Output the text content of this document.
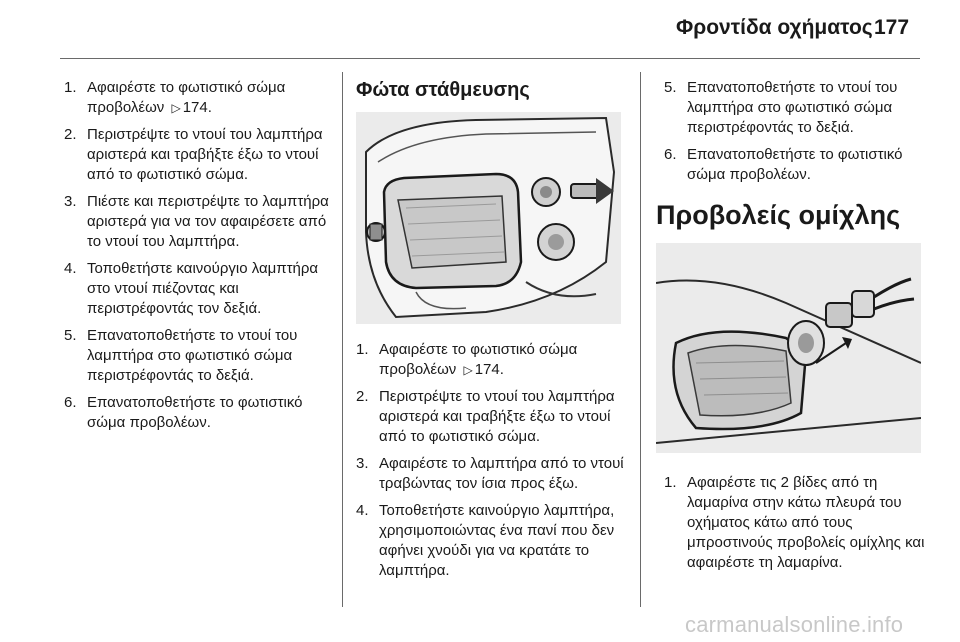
Φροντίδα οχήματος 177
1. Αφαιρέστε το φωτιστικό σώμα προβολέων ▷ 174.
2. Περιστρέψτε το ντουί του λαμπτήρα αριστερά και τραβήξτε έξω το ντουί από το φωτιστικό σώμα.
3. Πιέστε και περιστρέψτε το λαμπτήρα αριστερά για να τον αφαιρέσετε από το ντουί του λαμπτήρα.
4. Τοποθετήστε καινούργιο λαμπτήρα στο ντουί πιέζοντας και περιστρέφοντάς τον δεξιά.
5. Επανατοποθετήστε το ντουί του λαμπτήρα στο φωτιστικό σώμα περιστρέφοντάς το δεξιά.
6. Επανατοποθετήστε το φωτιστικό σώμα προβολέων.
Φώτα στάθμευσης
1. Αφαιρέστε το φωτιστικό σώμα προβολέων ▷ 174.
2. Περιστρέψτε το ντουί του λαμπτήρα αριστερά και τραβήξτε έξω το ντουί από το φωτιστικό σώμα.
3. Αφαιρέστε το λαμπτήρα από το ντουί τραβώντας τον ίσια προς έξω.
4. Τοποθετήστε καινούργιο λαμπτήρα, χρησιμοποιώντας ένα πανί που δεν αφήνει χνούδι για να κρατάτε το λαμπτήρα.
5. Επανατοποθετήστε το ντουί του λαμπτήρα στο φωτιστικό σώμα περιστρέφοντάς το δεξιά.
6. Επανατοποθετήστε το φωτιστικό σώμα προβολέων.
Προβολείς ομίχλης
1. Αφαιρέστε τις 2 βίδες από τη λαμαρίνα στην κάτω πλευρά του οχήματος κάτω από τους μπροστινούς προβολείς ομίχλης και αφαιρέστε τη λαμαρίνα.
carmanualsonline.info
